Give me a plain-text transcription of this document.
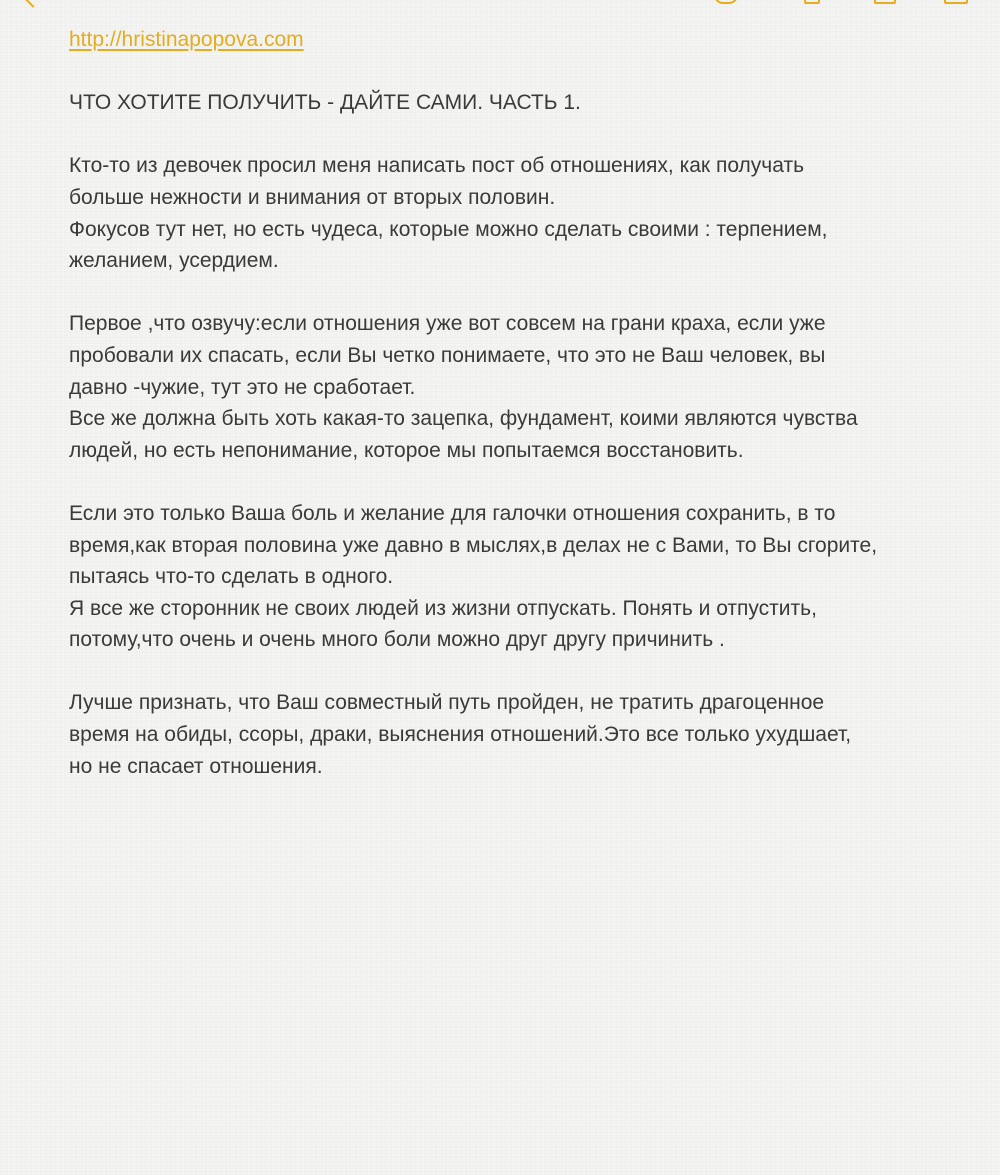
http://hristinapopova.com

ЧТО ХОТИТЕ ПОЛУЧИТЬ - ДАЙТЕ САМИ. ЧАСТЬ 1.

Кто-то из девочек просил меня написать пост об отношениях, как получать
больше нежности и внимания от вторых половин.
Фокусов тут нет, но есть чудеса, которые можно сделать своими : терпением,
желанием, усердием.

Первое ,что озвучу:если отношения уже вот совсем на грани краха, если уже
пробовали их спасать, если Вы четко понимаете, что это не Ваш человек, вы
давно -чужие, тут это не сработает.
Все же должна быть хоть какая-то зацепка, фундамент, коими являются чувства
людей, но есть непонимание, которое мы попытаемся восстановить.

Если это только Ваша боль и желание для галочки отношения сохранить, в то
время,как вторая половина уже давно в мыслях,в делах не с Вами, то Вы сгорите,
пытаясь что-то сделать в одного.
Я все же сторонник не своих людей из жизни отпускать. Понять и отпустить,
потому,что очень и очень много боли можно друг другу причинить .

Лучше признать, что Ваш совместный путь пройден, не тратить драгоценное
время на обиды, ссоры, драки, выяснения отношений.Это все только ухудшает,
но не спасает отношения.
